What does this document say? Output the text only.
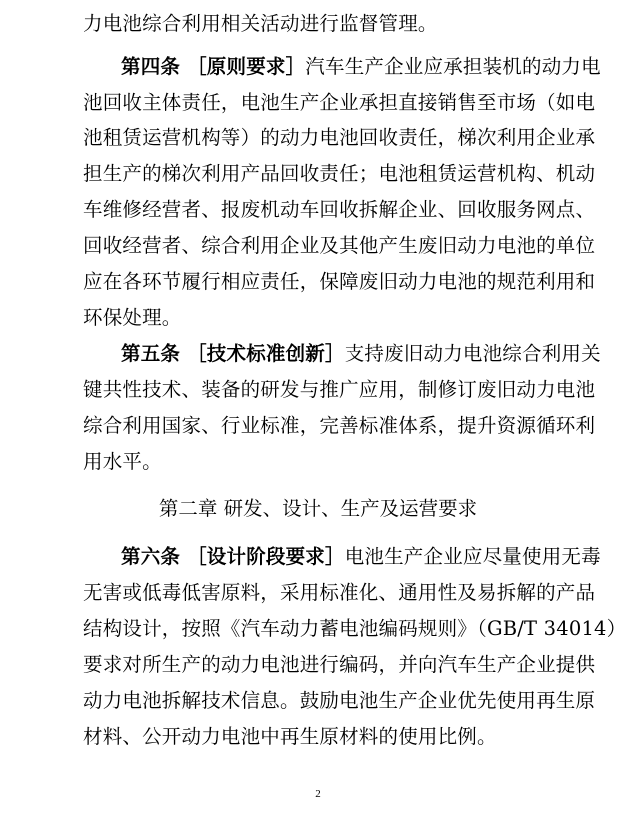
力电池综合利用相关活动进行监督管理。
第四条 ［原则要求］汽车生产企业应承担装机的动力电
池回收主体责任，电池生产企业承担直接销售至市场（如电
池租赁运营机构等）的动力电池回收责任，梯次利用企业承
担生产的梯次利用产品回收责任；电池租赁运营机构、机动
车维修经营者、报废机动车回收拆解企业、回收服务网点、
回收经营者、综合利用企业及其他产生废旧动力电池的单位
应在各环节履行相应责任，保障废旧动力电池的规范利用和
环保处理。
第五条 ［技术标准创新］支持废旧动力电池综合利用关
键共性技术、装备的研发与推广应用，制修订废旧动力电池
综合利用国家、行业标准，完善标准体系，提升资源循环利
用水平。
第二章 研发、设计、生产及运营要求
第六条 ［设计阶段要求］电池生产企业应尽量使用无毒
无害或低毒低害原料，采用标准化、通用性及易拆解的产品
结构设计，按照《汽车动力蓄电池编码规则》（GB/T 34014）
要求对所生产的动力电池进行编码，并向汽车生产企业提供
动力电池拆解技术信息。鼓励电池生产企业优先使用再生原
材料、公开动力电池中再生原材料的使用比例。
2
